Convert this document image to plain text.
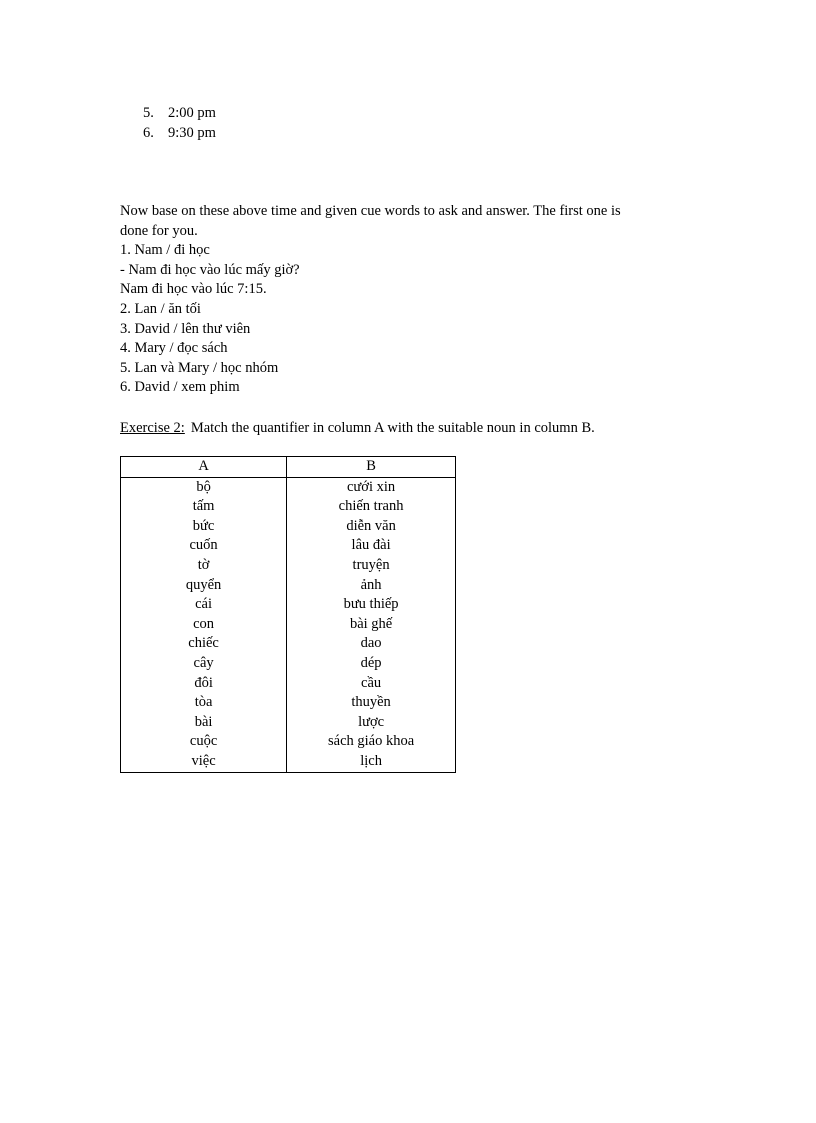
5. 2:00 pm
6. 9:30 pm
Now base on these above time and given cue words to ask and answer. The first one is
done for you.
1. Nam / đi học
- Nam đi học vào lúc mấy giờ?
Nam đi học vào lúc 7:15.
2. Lan / ăn tối
3. David / lên thư viên
4. Mary / đọc sách
5. Lan và Mary / học nhóm
6. David / xem phim
Exercise 2: Match the quantifier in column A with the suitable noun in column B.
A	B
bộ	cưới xin
tấm	chiến tranh
bức	diễn văn
cuốn	lâu đài
tờ	truyện
quyển	ảnh
cái	bưu thiếp
con	bài ghế
chiếc	dao
cây	dép
đôi	cầu
tòa	thuyền
bài	lược
cuộc	sách giáo khoa
việc	lịch
